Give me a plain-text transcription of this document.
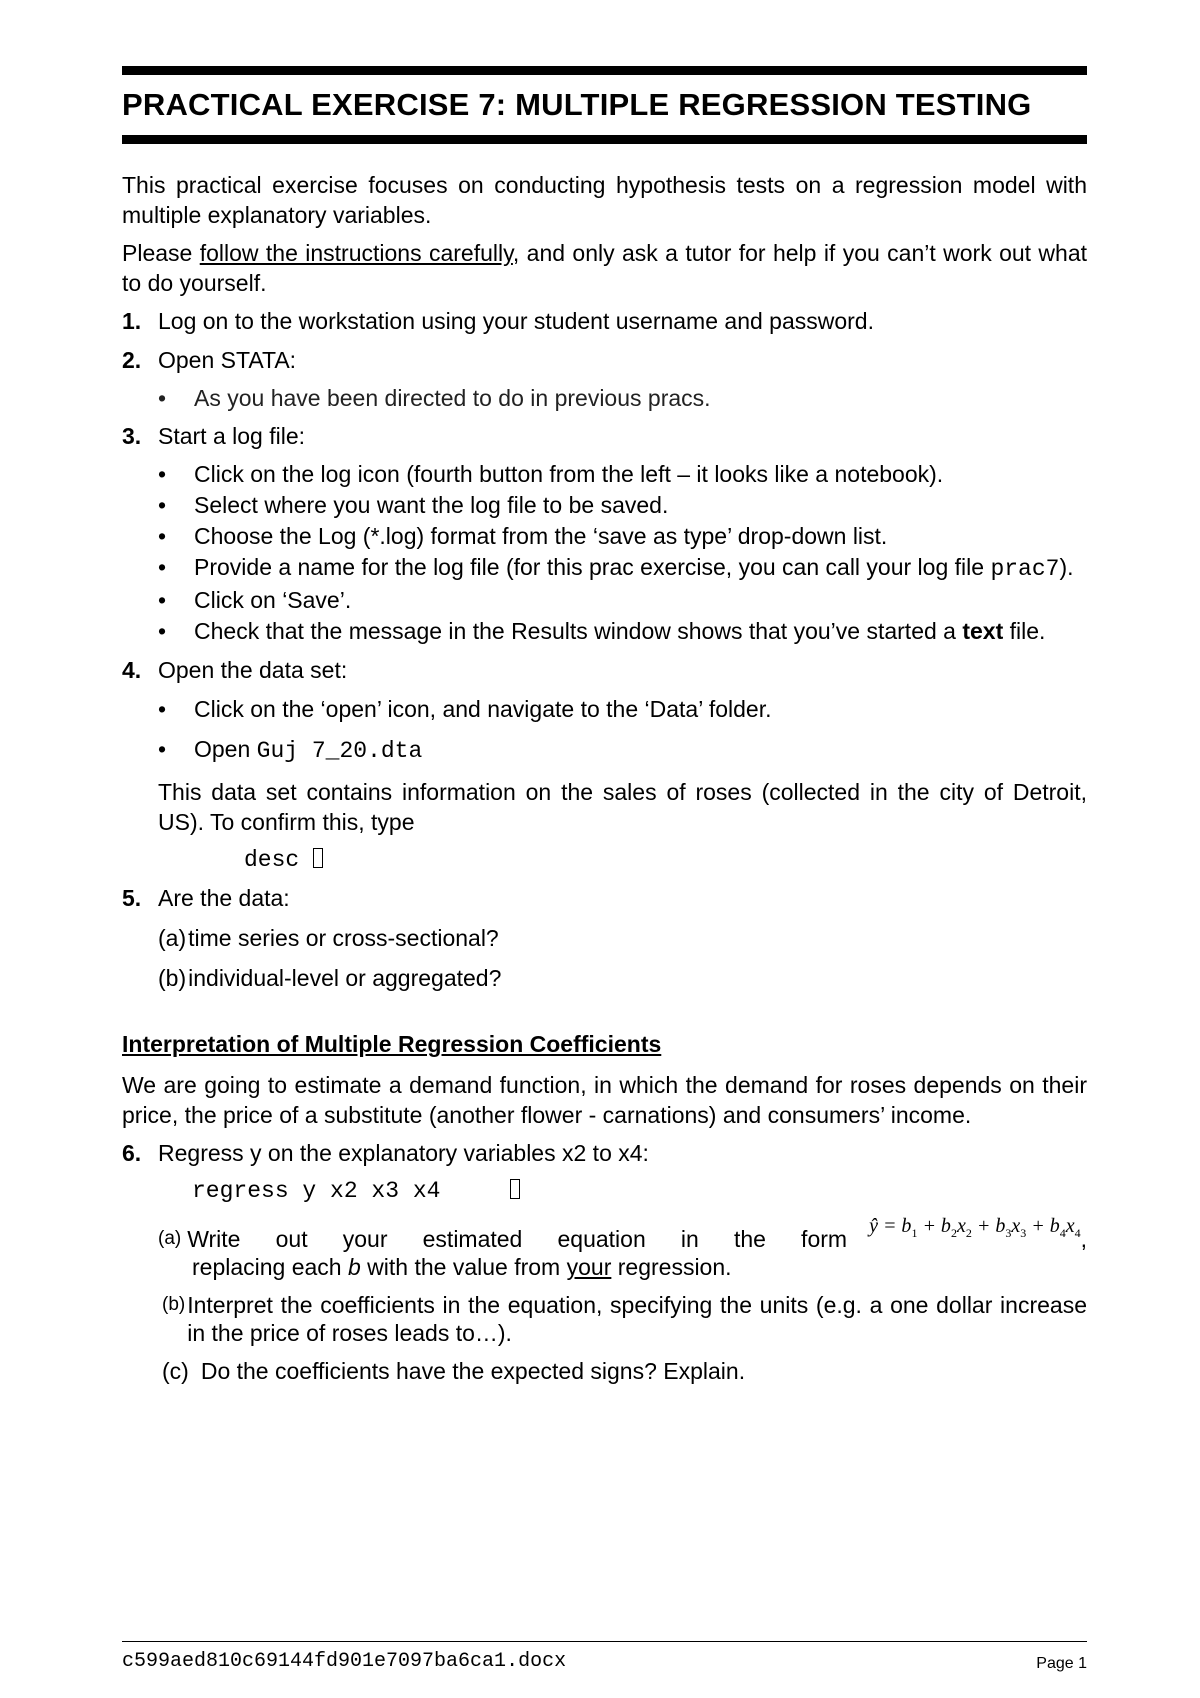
PRACTICAL EXERCISE 7: MULTIPLE REGRESSION TESTING

This practical exercise focuses on conducting hypothesis tests on a regression model with multiple explanatory variables.

Please follow the instructions carefully, and only ask a tutor for help if you can’t work out what to do yourself.

1. Log on to the workstation using your student username and password.
2. Open STATA:
• As you have been directed to do in previous pracs.
3. Start a log file:
• Click on the log icon (fourth button from the left – it looks like a notebook).
• Select where you want the log file to be saved.
• Choose the Log (*.log) format from the ‘save as type’ drop-down list.
• Provide a name for the log file (for this prac exercise, you can call your log file prac7).
• Click on ‘Save’.
• Check that the message in the Results window shows that you’ve started a text file.
4. Open the data set:
• Click on the ‘open’ icon, and navigate to the ‘Data’ folder.
• Open Guj 7_20.dta

This data set contains information on the sales of roses (collected in the city of Detroit, US). To confirm this, type

desc
5. Are the data:
(a) time series or cross-sectional?
(b) individual-level or aggregated?
Interpretation of Multiple Regression Coefficients

We are going to estimate a demand function, in which the demand for roses depends on their price, the price of a substitute (another flower - carnations) and consumers’ income.

6. Regress y on the explanatory variables x2 to x4:
regress y x2 x3 x4
(a) Write out your estimated equation in the form ŷ = $b_1 + b_2x_2 + b_3x_3 + b_4x_4$ ,
replacing each b with the value from your regression.
(b) Interpret the coefficients in the equation, specifying the units (e.g. a one dollar increase in the price of roses leads to…).
(c) Do the coefficients have the expected signs? Explain.
c599aed810c69144fd901e7097ba6ca1.docx	Page 1
